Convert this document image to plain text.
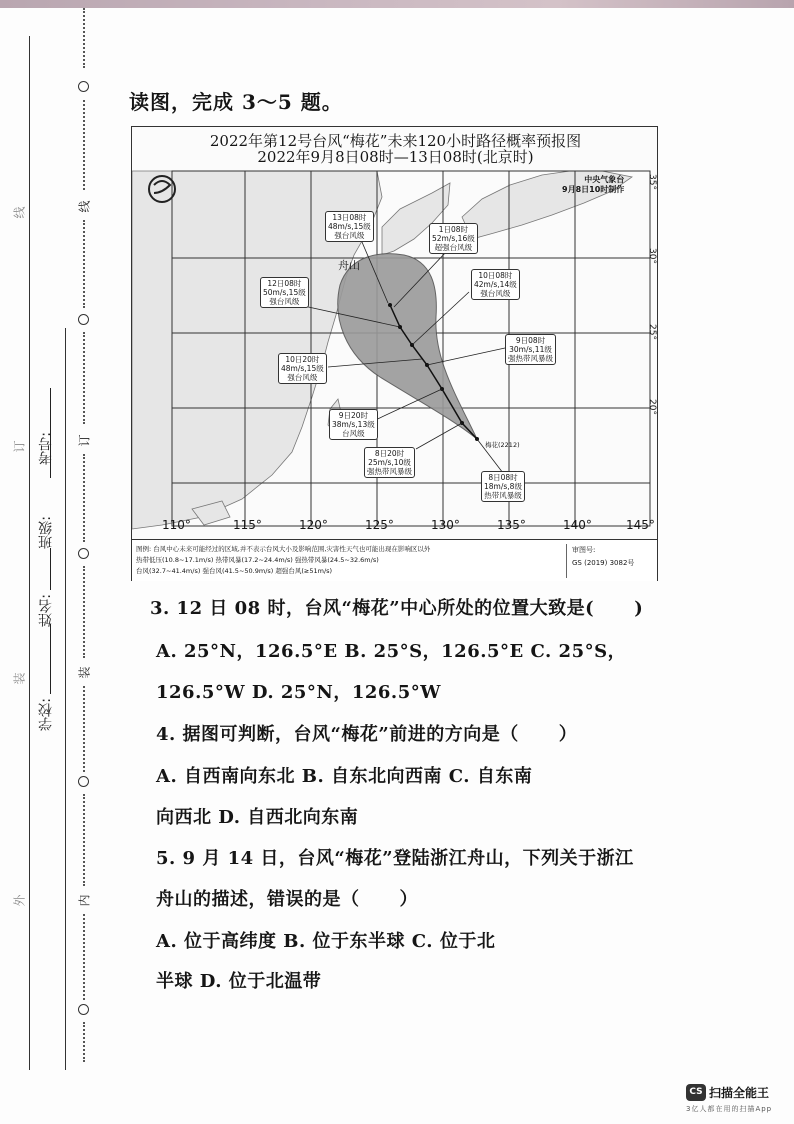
线
订
装
内
线
订
装
外
学校:
姓名:
班级:
考号:
读图，完成 3～5 题。
2022年第12号台风“梅花”未来120小时路径概率预报图
2022年9月8日08时—13日08时(北京时)
中央气象台
9月8日10时制作
舟山
梅花(2212)
13日08时
48m/s,15级
强台风级
1日08时
52m/s,16级
超强台风级
12日08时
50m/s,15级
强台风级
10日08时
42m/s,14级
强台风级
9日08时
30m/s,11级
强热带风暴级
10日20时
48m/s,15级
强台风级
9日20时
38m/s,13级
台风级
8日20时
25m/s,10级
强热带风暴级
8日08时
18m/s,8级
热带风暴级
110°	115°	120°	125°	130°	135°	140°	145°
35°
30°
25°
20°
图例: 台风中心未来可能经过的区域,并不表示台风大小及影响范围,灾害性天气也可能出现在影响区以外
热带低压(10.8~17.1m/s) 热带风暴(17.2~24.4m/s) 强热带风暴(24.5~32.6m/s)
台风(32.7~41.4m/s) 强台风(41.5~50.9m/s) 超强台风(≥51m/s)
审图号:
GS (2019) 3082号
3. 12 日 08 时，台风“梅花”中心所处的位置大致是( )
A. 25°N，126.5°E B. 25°S，126.5°E C. 25°S，
126.5°W D. 25°N，126.5°W
4. 据图可判断，台风“梅花”前进的方向是（ ）
A. 自西南向东北 B. 自东北向西南 C. 自东南
向西北 D. 自西北向东南
5. 9 月 14 日，台风“梅花”登陆浙江舟山，下列关于浙江
舟山的描述，错误的是（ ）
A. 位于高纬度 B. 位于东半球 C. 位于北
半球 D. 位于北温带
CS 扫描全能王
3亿人都在用的扫描App
